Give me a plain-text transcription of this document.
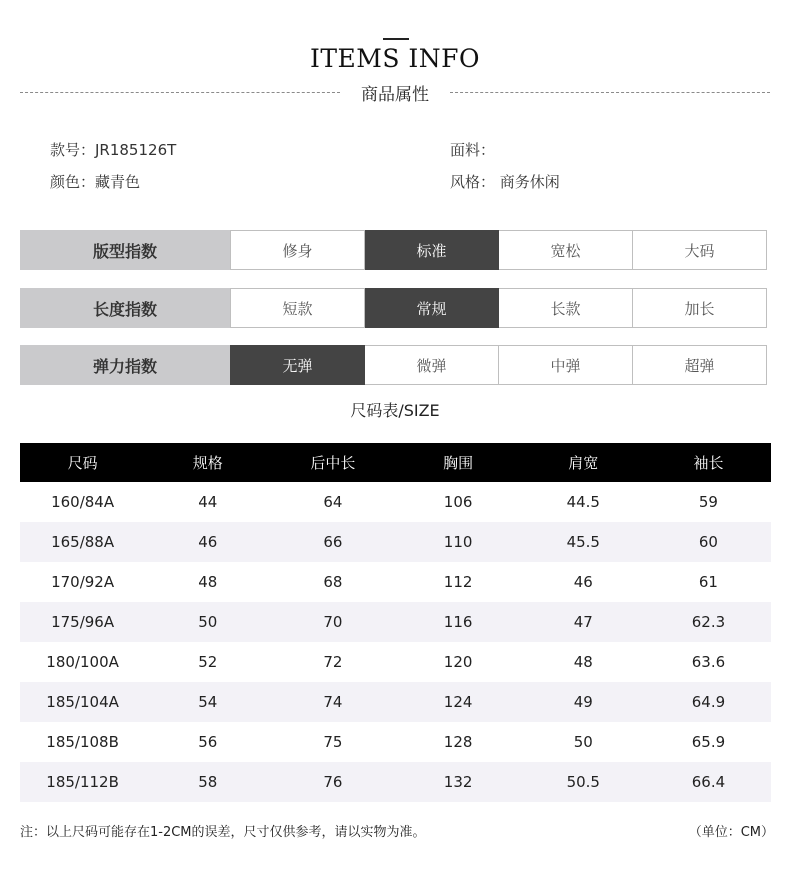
ITEMS INFO
商品属性
款号：JR185126T
颜色：藏青色
面料：
风格： 商务休闲
版型指数	修身	标准	宽松	大码
长度指数	短款	常规	长款	加长
弹力指数	无弹	微弹	中弹	超弹
尺码表/SIZE
尺码	规格	后中长	胸围	肩宽	袖长
160/84A	44	64	106	44.5	59
165/88A	46	66	110	45.5	60
170/92A	48	68	112	46	61
175/96A	50	70	116	47	62.3
180/100A	52	72	120	48	63.6
185/104A	54	74	124	49	64.9
185/108B	56	75	128	50	65.9
185/112B	58	76	132	50.5	66.4
注：以上尺码可能存在1-2CM的误差，尺寸仅供参考，请以实物为准。	（单位：CM）
